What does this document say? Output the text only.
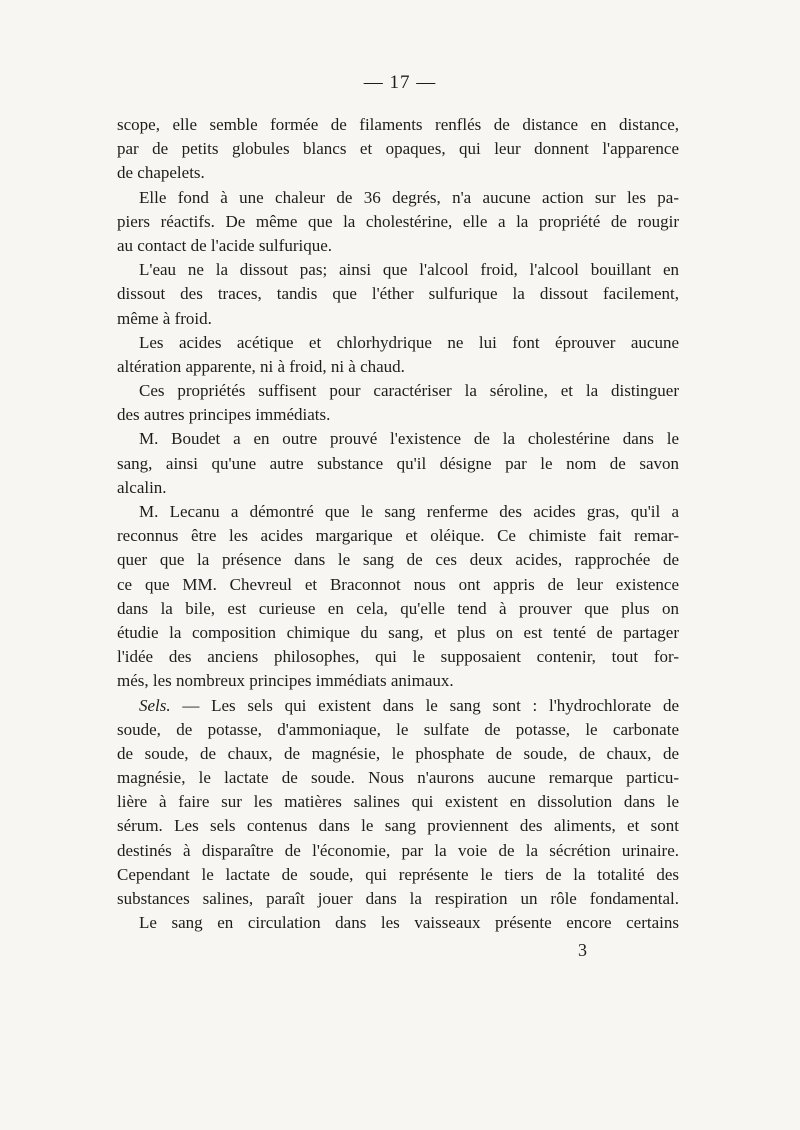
— 17 —
scope, elle semble formée de filaments renflés de distance en distance,
par de petits globules blancs et opaques, qui leur donnent l'apparence
de chapelets.
Elle fond à une chaleur de 36 degrés, n'a aucune action sur les pa-
piers réactifs. De même que la cholestérine, elle a la propriété de rougir
au contact de l'acide sulfurique.
L'eau ne la dissout pas; ainsi que l'alcool froid, l'alcool bouillant en
dissout des traces, tandis que l'éther sulfurique la dissout facilement,
même à froid.
Les acides acétique et chlorhydrique ne lui font éprouver aucune
altération apparente, ni à froid, ni à chaud.
Ces propriétés suffisent pour caractériser la séroline, et la distinguer
des autres principes immédiats.
M. Boudet a en outre prouvé l'existence de la cholestérine dans le
sang, ainsi qu'une autre substance qu'il désigne par le nom de savon
alcalin.
M. Lecanu a démontré que le sang renferme des acides gras, qu'il a
reconnus être les acides margarique et oléique. Ce chimiste fait remar-
quer que la présence dans le sang de ces deux acides, rapprochée de
ce que MM. Chevreul et Braconnot nous ont appris de leur existence
dans la bile, est curieuse en cela, qu'elle tend à prouver que plus on
étudie la composition chimique du sang, et plus on est tenté de partager
l'idée des anciens philosophes, qui le supposaient contenir, tout for-
més, les nombreux principes immédiats animaux.
Sels. — Les sels qui existent dans le sang sont : l'hydrochlorate de
soude, de potasse, d'ammoniaque, le sulfate de potasse, le carbonate
de soude, de chaux, de magnésie, le phosphate de soude, de chaux, de
magnésie, le lactate de soude. Nous n'aurons aucune remarque particu-
lière à faire sur les matières salines qui existent en dissolution dans le
sérum. Les sels contenus dans le sang proviennent des aliments, et sont
destinés à disparaître de l'économie, par la voie de la sécrétion urinaire.
Cependant le lactate de soude, qui représente le tiers de la totalité des
substances salines, paraît jouer dans la respiration un rôle fondamental.
Le sang en circulation dans les vaisseaux présente encore certains
3
